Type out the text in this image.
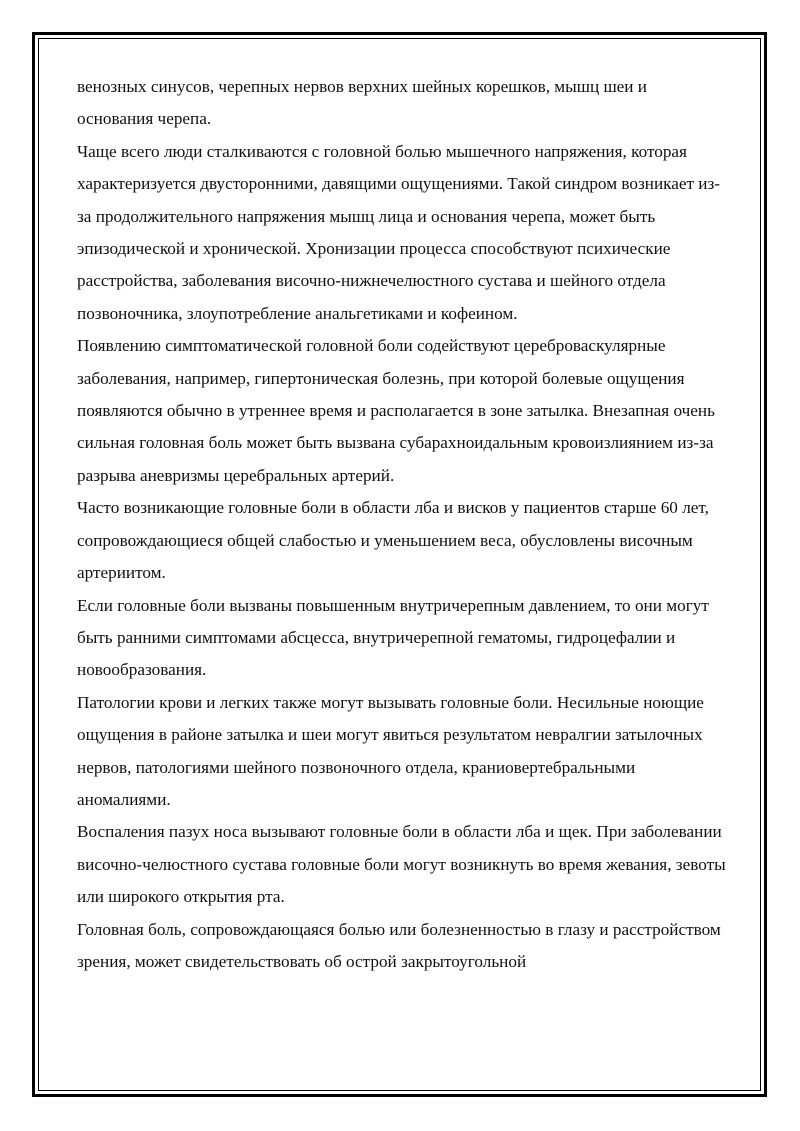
венозных синусов, черепных нервов верхних шейных корешков, мышц шеи и основания черепа.

Чаще всего люди сталкиваются с головной болью мышечного напряжения, которая характеризуется двусторонними, давящими ощущениями. Такой синдром возникает из-за продолжительного напряжения мышц лица и основания черепа, может быть эпизодической и хронической. Хронизации процесса способствуют психические расстройства, заболевания височно-нижнечелюстного сустава и шейного отдела позвоночника, злоупотребление анальгетиками и кофеином.

Появлению симптоматической головной боли содействуют цереброваскулярные заболевания, например, гипертоническая болезнь, при которой болевые ощущения появляются обычно в утреннее время и располагается в зоне затылка. Внезапная очень сильная головная боль может быть вызвана субарахноидальным кровоизлиянием из-за разрыва аневризмы церебральных артерий.

Часто возникающие головные боли в области лба и висков у пациентов старше 60 лет, сопровождающиеся общей слабостью и уменьшением веса, обусловлены височным артериитом.

Если головные боли вызваны повышенным внутричерепным давлением, то они могут быть ранними симптомами абсцесса, внутричерепной гематомы, гидроцефалии и новообразования.

Патологии крови и легких также могут вызывать головные боли. Несильные ноющие ощущения в районе затылка и шеи могут явиться результатом невралгии затылочных нервов, патологиями шейного позвоночного отдела, краниовертебральными аномалиями.

Воспаления пазух носа вызывают головные боли в области лба и щек. При заболевании височно-челюстного сустава головные боли могут возникнуть во время жевания, зевоты или широкого открытия рта.

Головная боль, сопровождающаяся болью или болезненностью в глазу и расстройством зрения, может свидетельствовать об острой закрытоугольной
